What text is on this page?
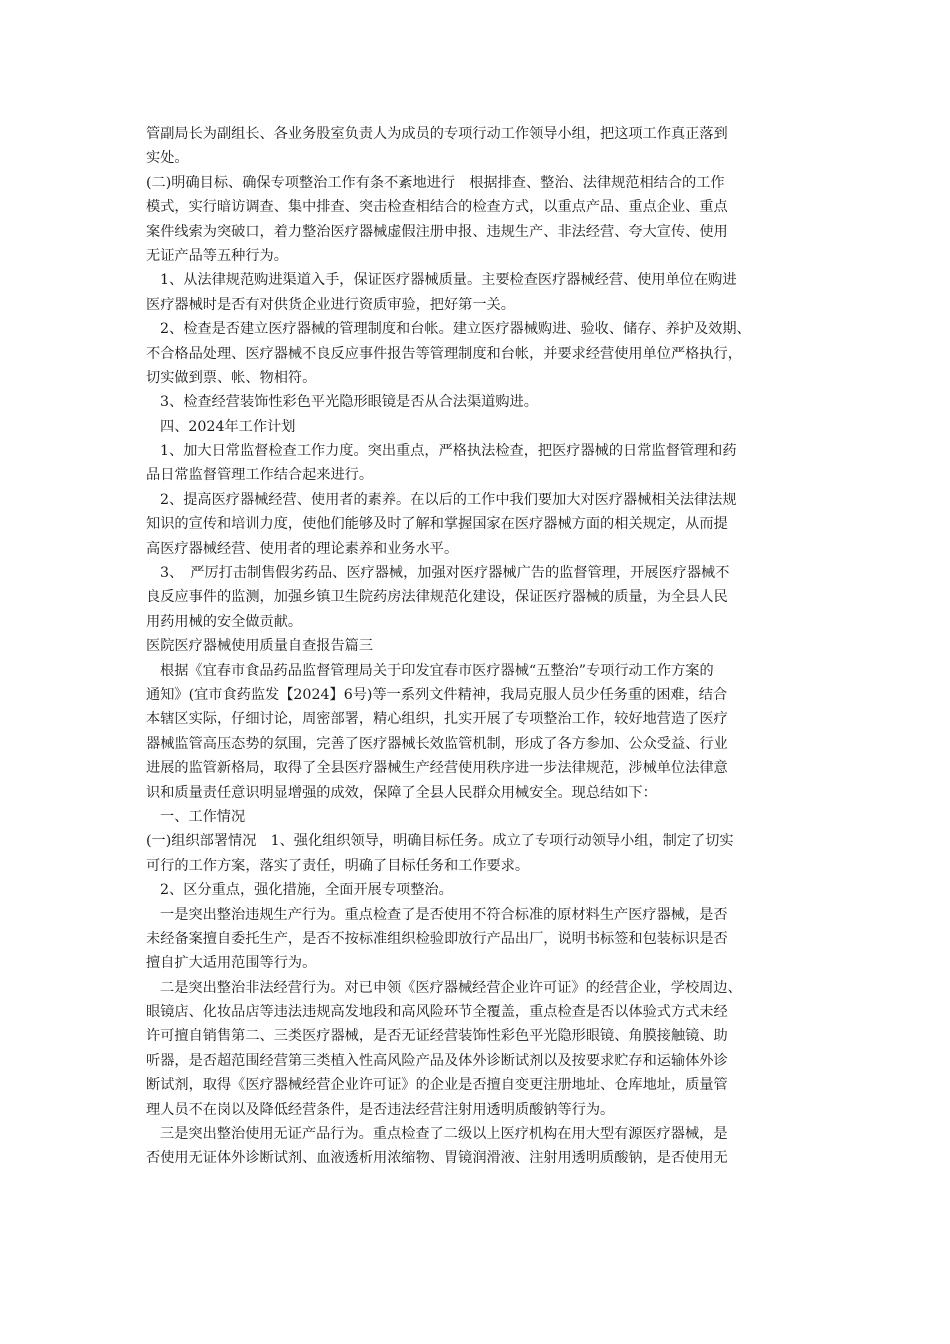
管副局长为副组长、各业务股室负责人为成员的专项行动工作领导小组，把这项工作真正落到
实处。
(二)明确目标、确保专项整治工作有条不紊地进行　根据排查、整治、法律规范相结合的工作
模式，实行暗访调查、集中排查、突击检查相结合的检查方式，以重点产品、重点企业、重点
案件线索为突破口，着力整治医疗器械虚假注册申报、违规生产、非法经营、夸大宣传、使用
无证产品等五种行为。
1、从法律规范购进渠道入手，保证医疗器械质量。主要检查医疗器械经营、使用单位在购进
医疗器械时是否有对供货企业进行资质审验，把好第一关。
2、检查是否建立医疗器械的管理制度和台帐。建立医疗器械购进、验收、储存、养护及效期、
不合格品处理、医疗器械不良反应事件报告等管理制度和台帐，并要求经营使用单位严格执行，
切实做到票、帐、物相符。
3、检查经营装饰性彩色平光隐形眼镜是否从合法渠道购进。
四、2024年工作计划
1、加大日常监督检查工作力度。突出重点，严格执法检查，把医疗器械的日常监督管理和药
品日常监督管理工作结合起来进行。
2、提高医疗器械经营、使用者的素养。在以后的工作中我们要加大对医疗器械相关法律法规
知识的宣传和培训力度，使他们能够及时了解和掌握国家在医疗器械方面的相关规定，从而提
高医疗器械经营、使用者的理论素养和业务水平。
3、　严厉打击制售假劣药品、医疗器械，加强对医疗器械广告的监督管理，开展医疗器械不
良反应事件的监测，加强乡镇卫生院药房法律规范化建设，保证医疗器械的质量，为全县人民
用药用械的安全做贡献。
医院医疗器械使用质量自查报告篇三
根据《宜春市食品药品监督管理局关于印发宜春市医疗器械“五整治”专项行动工作方案的
通知》(宜市食药监发【2024】6号)等一系列文件精神，我局克服人员少任务重的困难，结合
本辖区实际，仔细讨论，周密部署，精心组织，扎实开展了专项整治工作，较好地营造了医疗
器械监管高压态势的氛围，完善了医疗器械长效监管机制，形成了各方参加、公众受益、行业
进展的监管新格局，取得了全县医疗器械生产经营使用秩序进一步法律规范，涉械单位法律意
识和质量责任意识明显增强的成效，保障了全县人民群众用械安全。现总结如下：
一、工作情况
(一)组织部署情况　1、强化组织领导，明确目标任务。成立了专项行动领导小组，制定了切实
可行的工作方案，落实了责任，明确了目标任务和工作要求。
2、区分重点，强化措施，全面开展专项整治。
一是突出整治违规生产行为。重点检查了是否使用不符合标准的原材料生产医疗器械，是否
未经备案擅自委托生产，是否不按标准组织检验即放行产品出厂，说明书标签和包装标识是否
擅自扩大适用范围等行为。
二是突出整治非法经营行为。对已申领《医疗器械经营企业许可证》的经营企业，学校周边、
眼镜店、化妆品店等违法违规高发地段和高风险环节全覆盖，重点检查是否以体验式方式未经
许可擅自销售第二、三类医疗器械，是否无证经营装饰性彩色平光隐形眼镜、角膜接触镜、助
听器，是否超范围经营第三类植入性高风险产品及体外诊断试剂以及按要求贮存和运输体外诊
断试剂，取得《医疗器械经营企业许可证》的企业是否擅自变更注册地址、仓库地址，质量管
理人员不在岗以及降低经营条件，是否违法经营注射用透明质酸钠等行为。
三是突出整治使用无证产品行为。重点检查了二级以上医疗机构在用大型有源医疗器械，是
否使用无证体外诊断试剂、血液透析用浓缩物、胃镜润滑液、注射用透明质酸钠，是否使用无
